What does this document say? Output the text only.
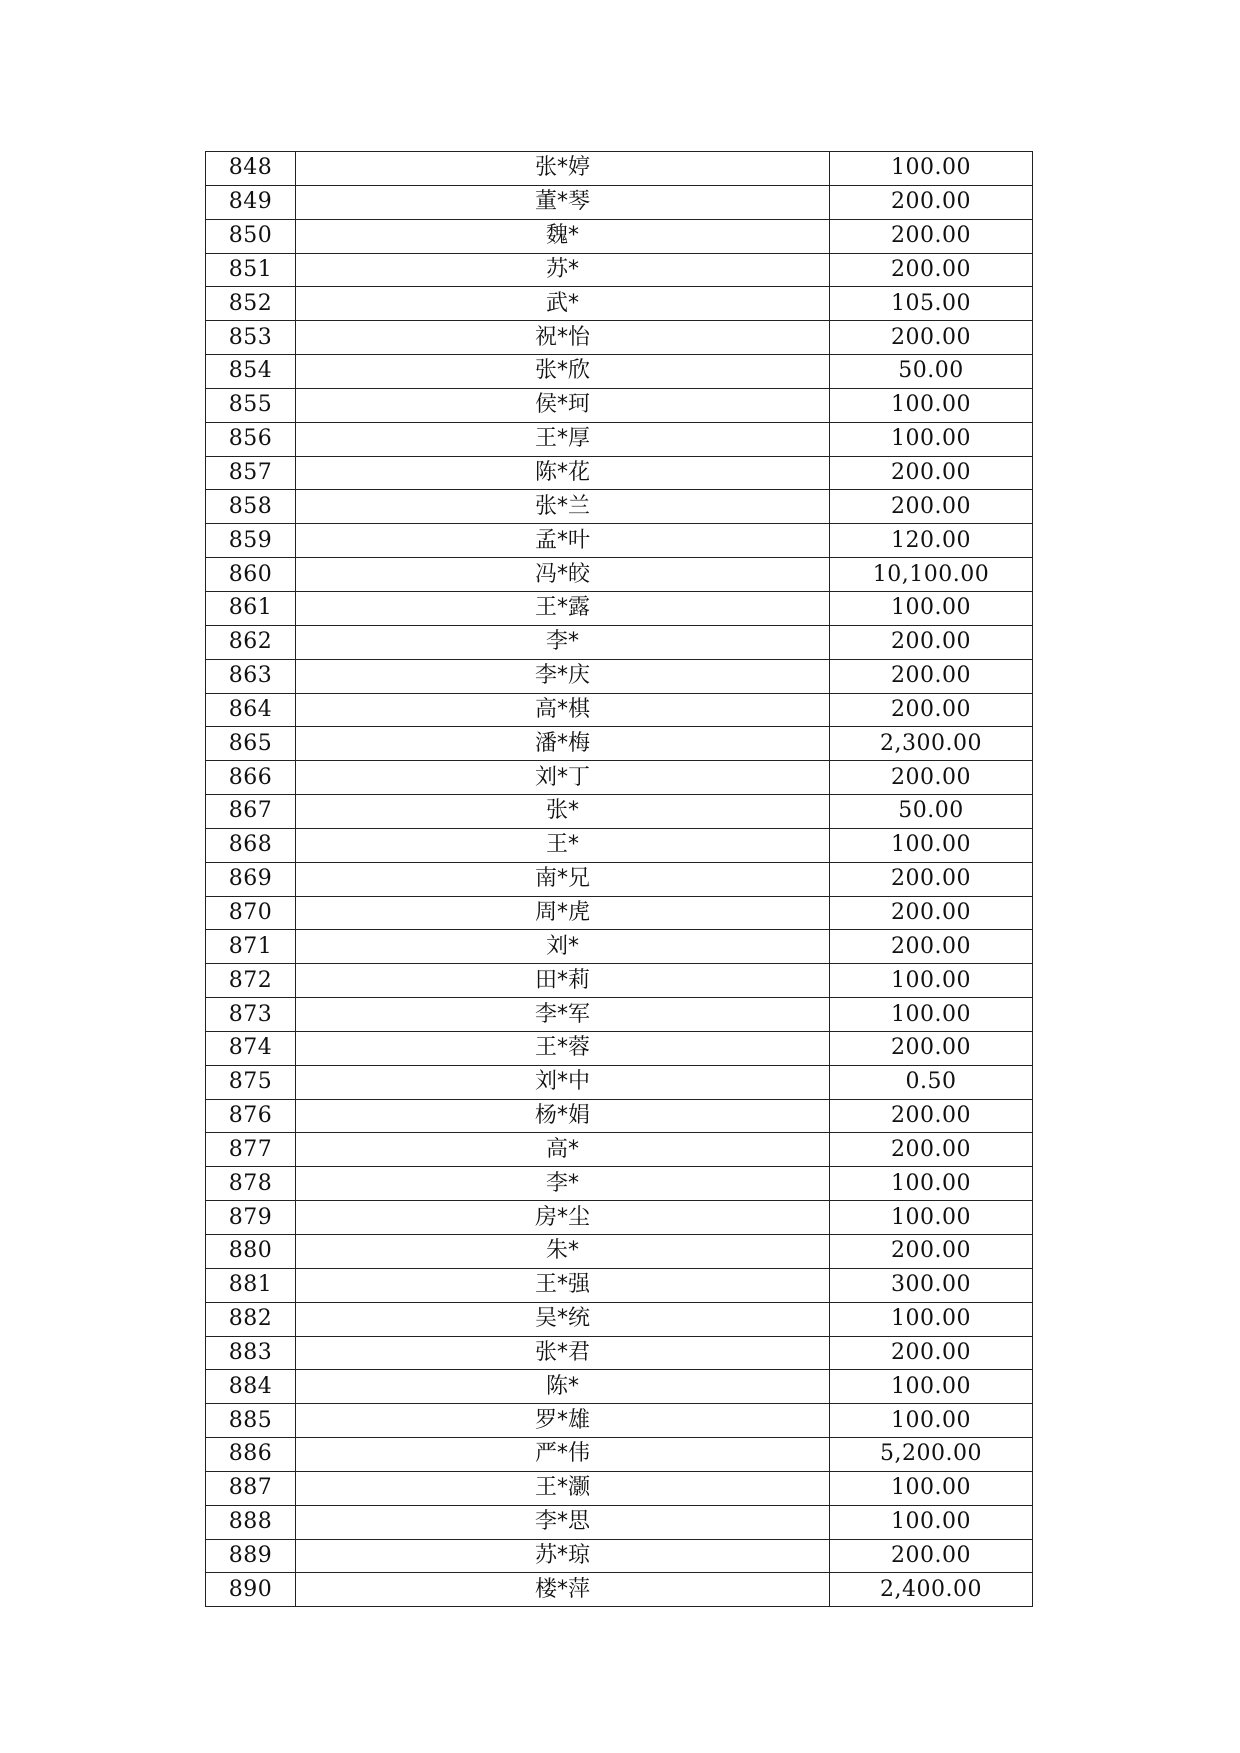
848	张*婷	100.00
849	董*琴	200.00
850	魏*	200.00
851	苏*	200.00
852	武*	105.00
853	祝*怡	200.00
854	张*欣	50.00
855	侯*珂	100.00
856	王*厚	100.00
857	陈*花	200.00
858	张*兰	200.00
859	孟*叶	120.00
860	冯*皎	10,100.00
861	王*露	100.00
862	李*	200.00
863	李*庆	200.00
864	高*棋	200.00
865	潘*梅	2,300.00
866	刘*丁	200.00
867	张*	50.00
868	王*	100.00
869	南*兄	200.00
870	周*虎	200.00
871	刘*	200.00
872	田*莉	100.00
873	李*军	100.00
874	王*蓉	200.00
875	刘*中	0.50
876	杨*娟	200.00
877	高*	200.00
878	李*	100.00
879	房*尘	100.00
880	朱*	200.00
881	王*强	300.00
882	吴*统	100.00
883	张*君	200.00
884	陈*	100.00
885	罗*雄	100.00
886	严*伟	5,200.00
887	王*灏	100.00
888	李*思	100.00
889	苏*琼	200.00
890	楼*萍	2,400.00
